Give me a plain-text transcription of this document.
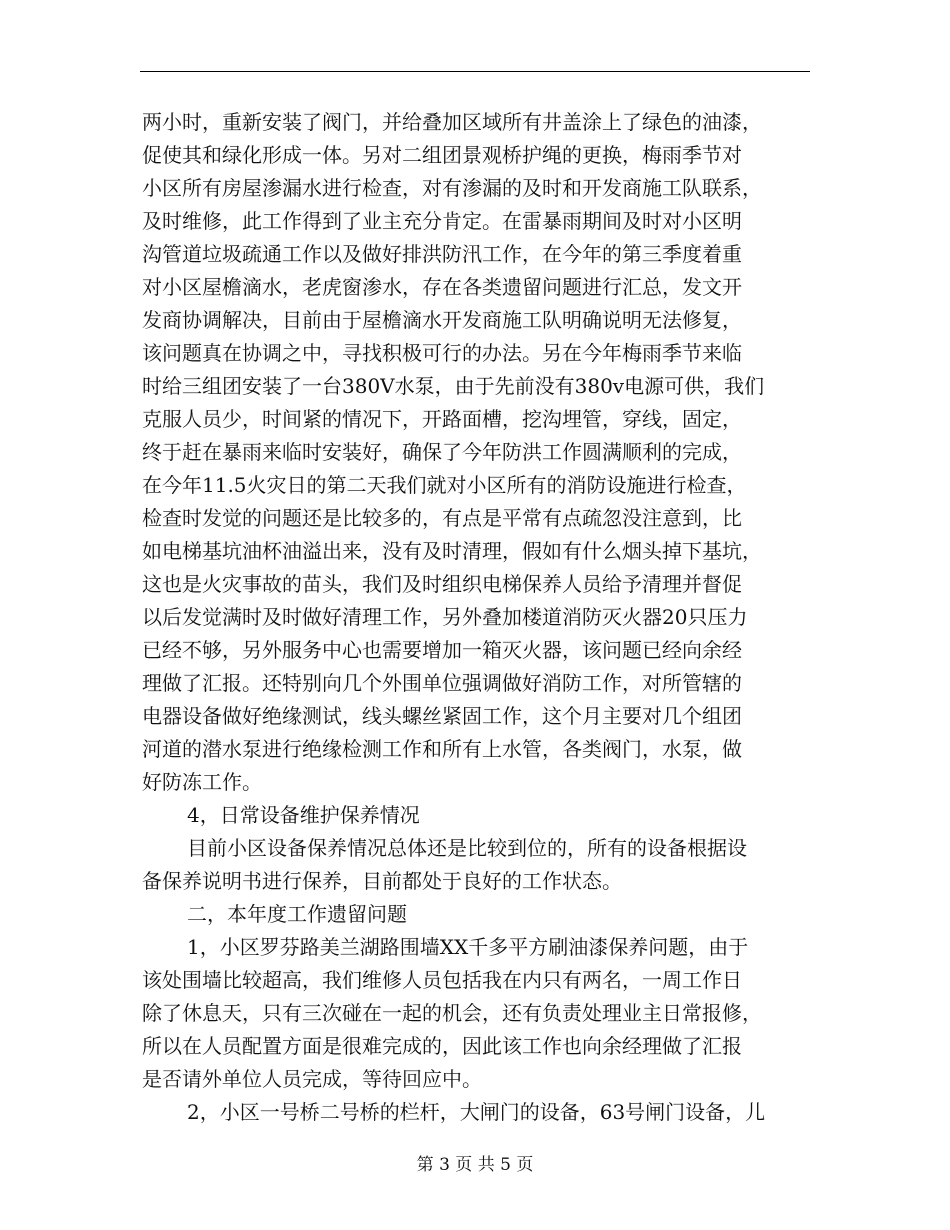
两小时，重新安装了阀门，并给叠加区域所有井盖涂上了绿色的油漆，
促使其和绿化形成一体。另对二组团景观桥护绳的更换，梅雨季节对
小区所有房屋渗漏水进行检查，对有渗漏的及时和开发商施工队联系，
及时维修，此工作得到了业主充分肯定。在雷暴雨期间及时对小区明
沟管道垃圾疏通工作以及做好排洪防汛工作，在今年的第三季度着重
对小区屋檐滴水，老虎窗渗水，存在各类遗留问题进行汇总，发文开
发商协调解决，目前由于屋檐滴水开发商施工队明确说明无法修复，
该问题真在协调之中，寻找积极可行的办法。另在今年梅雨季节来临
时给三组团安装了一台380V水泵，由于先前没有380v电源可供，我们
克服人员少，时间紧的情况下，开路面槽，挖沟埋管，穿线，固定，
终于赶在暴雨来临时安装好，确保了今年防洪工作圆满顺利的完成，
在今年11.5火灾日的第二天我们就对小区所有的消防设施进行检查，
检查时发觉的问题还是比较多的，有点是平常有点疏忽没注意到，比
如电梯基坑油杯油溢出来，没有及时清理，假如有什么烟头掉下基坑，
这也是火灾事故的苗头，我们及时组织电梯保养人员给予清理并督促
以后发觉满时及时做好清理工作，另外叠加楼道消防灭火器20只压力
已经不够，另外服务中心也需要增加一箱灭火器，该问题已经向余经
理做了汇报。还特别向几个外围单位强调做好消防工作，对所管辖的
电器设备做好绝缘测试，线头螺丝紧固工作，这个月主要对几个组团
河道的潜水泵进行绝缘检测工作和所有上水管，各类阀门，水泵，做
好防冻工作。
4，日常设备维护保养情况
目前小区设备保养情况总体还是比较到位的，所有的设备根据设
备保养说明书进行保养，目前都处于良好的工作状态。
二，本年度工作遗留问题
1，小区罗芬路美兰湖路围墙XX千多平方刷油漆保养问题，由于
该处围墙比较超高，我们维修人员包括我在内只有两名，一周工作日
除了休息天，只有三次碰在一起的机会，还有负责处理业主日常报修，
所以在人员配置方面是很难完成的，因此该工作也向余经理做了汇报
是否请外单位人员完成，等待回应中。
2，小区一号桥二号桥的栏杆，大闸门的设备，63号闸门设备，儿
第 3 页 共 5 页
